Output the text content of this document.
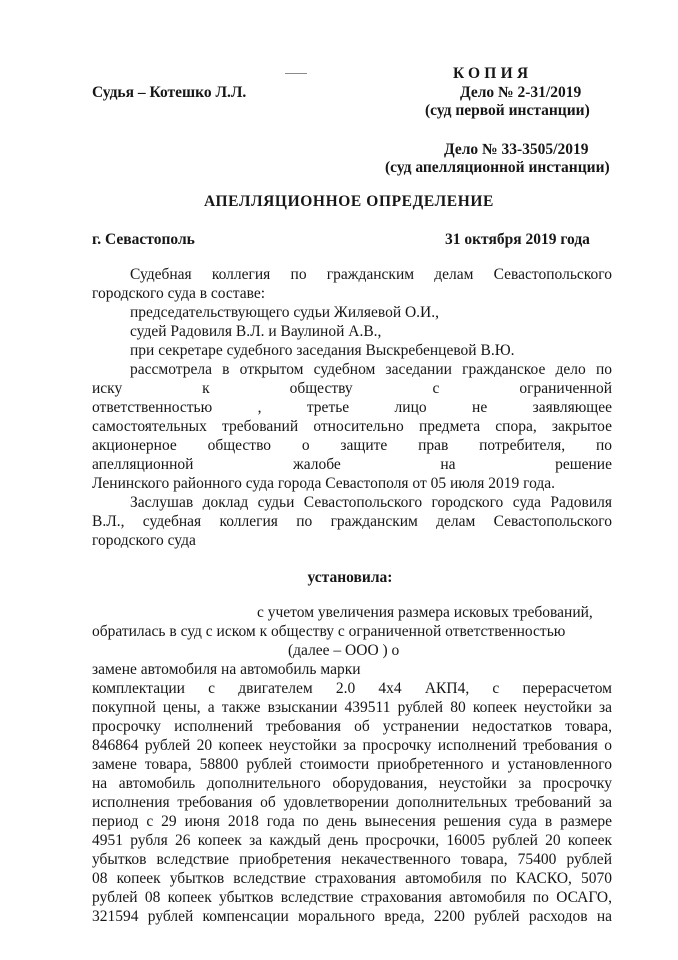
КОПИЯ
Судья – Котешко Л.Л.	Дело № 2-31/2019
(суд первой инстанции)
Дело № 33-3505/2019
(суд апелляционной инстанции)
АПЕЛЛЯЦИОННОЕ ОПРЕДЕЛЕНИЕ
г. Севастополь	31 октября 2019 года
Судебная коллегия по гражданским делам Севастопольского
городского суда в составе:
председательствующего судьи Жиляевой О.И.,
судей Радовиля В.Л. и Ваулиной А.В.,
при секретаре судебного заседания Выскребенцевой В.Ю.
рассмотрела в открытом судебном заседании гражданское дело по
иску к обществу с ограниченной
ответственностью , третье лицо не заявляющее
самостоятельных требований относительно предмета спора, закрытое
акционерное общество о защите прав потребителя, по
апелляционной жалобе на решение
Ленинского районного суда города Севастополя от 05 июля 2019 года.
Заслушав доклад судьи Севастопольского городского суда Радовиля
В.Л., судебная коллегия по гражданским делам Севастопольского
городского суда
установила:
с учетом увеличения размера исковых требований,
обратилась в суд с иском к обществу с ограниченной ответственностью
(далее – ООО ) о
замене автомобиля на автомобиль марки
комплектации с двигателем 2.0 4х4 АКП4, с перерасчетом
покупной цены, а также взыскании 439511 рублей 80 копеек неустойки за
просрочку исполнений требования об устранении недостатков товара,
846864 рублей 20 копеек неустойки за просрочку исполнений требования о
замене товара, 58800 рублей стоимости приобретенного и установленного
на автомобиль дополнительного оборудования, неустойки за просрочку
исполнения требования об удовлетворении дополнительных требований за
период с 29 июня 2018 года по день вынесения решения суда в размере
4951 рубля 26 копеек за каждый день просрочки, 16005 рублей 20 копеек
убытков вследствие приобретения некачественного товара, 75400 рублей
08 копеек убытков вследствие страхования автомобиля по КАСКО, 5070
рублей 08 копеек убытков вследствие страхования автомобиля по ОСАГО,
321594 рублей компенсации морального вреда, 2200 рублей расходов на
